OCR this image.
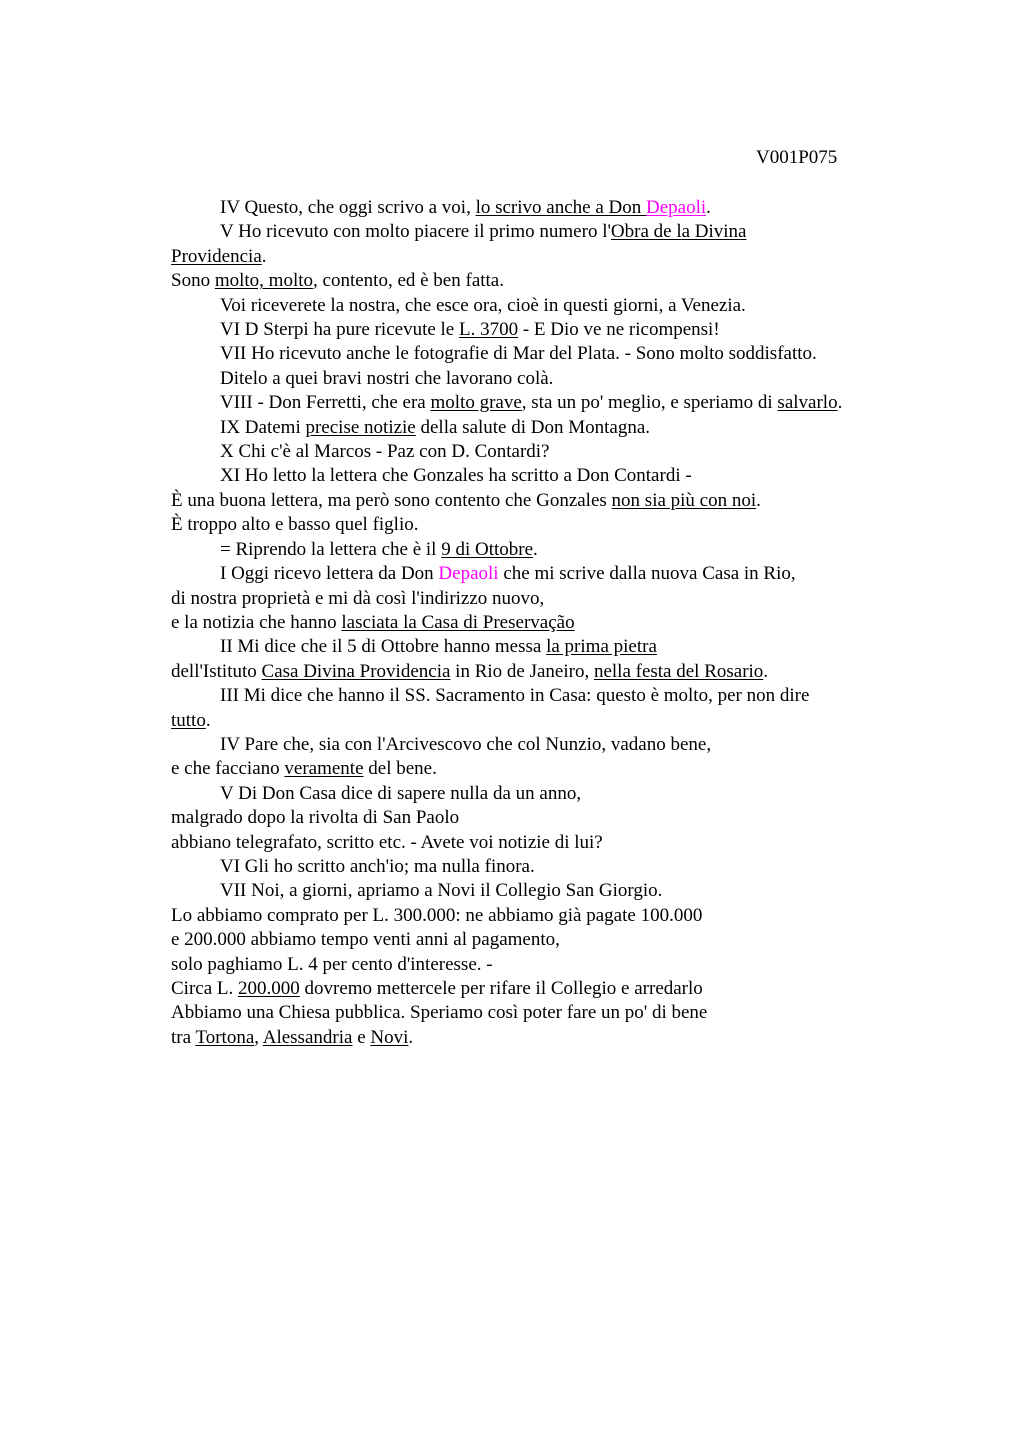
V001P075
IV Questo, che oggi scrivo a voi, lo scrivo anche a Don Depaoli.
V Ho ricevuto con molto piacere il primo numero l'Obra de la Divina
Providencia.
Sono molto, molto, contento, ed è ben fatta.
Voi riceverete la nostra, che esce ora, cioè in questi giorni, a Venezia.
VI D Sterpi ha pure ricevute le L. 3700 - E Dio ve ne ricompensi!
VII Ho ricevuto anche le fotografie di Mar del Plata. - Sono molto soddisfatto.
Ditelo a quei bravi nostri che lavorano colà.
VIII - Don Ferretti, che era molto grave, sta un po' meglio, e speriamo di salvarlo.
IX Datemi precise notizie della salute di Don Montagna.
X Chi c'è al Marcos - Paz con D. Contardi?
XI Ho letto la lettera che Gonzales ha scritto a Don Contardi -
È una buona lettera, ma però sono contento che Gonzales non sia più con noi.
È troppo alto e basso quel figlio.
= Riprendo la lettera che è il 9 di Ottobre.
I Oggi ricevo lettera da Don Depaoli che mi scrive dalla nuova Casa in Rio,
di nostra proprietà e mi dà così l'indirizzo nuovo,
e la notizia che hanno lasciata la Casa di Preservação
II Mi dice che il 5 di Ottobre hanno messa la prima pietra
dell'Istituto Casa Divina Providencia in Rio de Janeiro, nella festa del Rosario.
III Mi dice che hanno il SS. Sacramento in Casa: questo è molto, per non dire
tutto.
IV Pare che, sia con l'Arcivescovo che col Nunzio, vadano bene,
e che facciano veramente del bene.
V Di Don Casa dice di sapere nulla da un anno,
malgrado dopo la rivolta di San Paolo
abbiano telegrafato, scritto etc. - Avete voi notizie di lui?
VI Gli ho scritto anch'io; ma nulla finora.
VII Noi, a giorni, apriamo a Novi il Collegio San Giorgio.
Lo abbiamo comprato per L. 300.000: ne abbiamo già pagate 100.000
e 200.000 abbiamo tempo venti anni al pagamento,
solo paghiamo L. 4 per cento d'interesse. -
Circa L. 200.000 dovremo mettercele per rifare il Collegio e arredarlo
Abbiamo una Chiesa pubblica. Speriamo così poter fare un po' di bene
tra Tortona, Alessandria e Novi.
